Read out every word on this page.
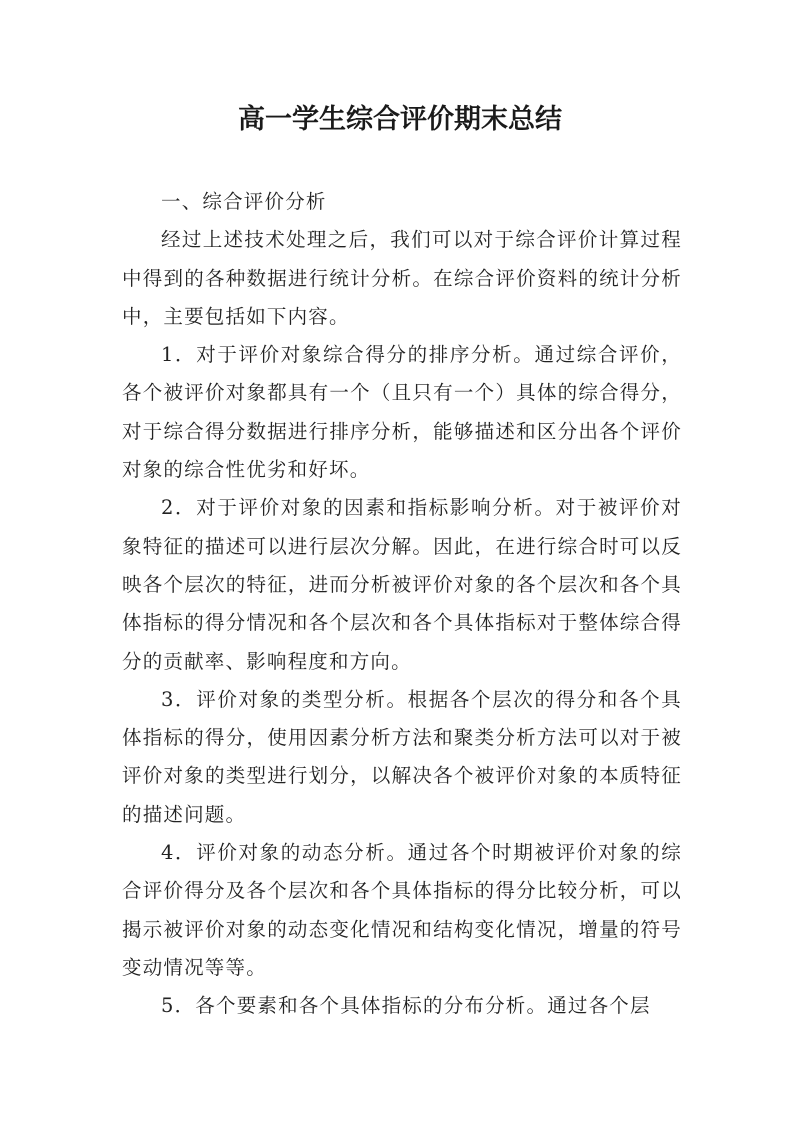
高一学生综合评价期末总结

一、综合评价分析

经过上述技术处理之后，我们可以对于综合评价计算过程中得到的各种数据进行统计分析。在综合评价资料的统计分析中，主要包括如下内容。

1．对于评价对象综合得分的排序分析。通过综合评价，各个被评价对象都具有一个（且只有一个）具体的综合得分，对于综合得分数据进行排序分析，能够描述和区分出各个评价对象的综合性优劣和好坏。

2．对于评价对象的因素和指标影响分析。对于被评价对象特征的描述可以进行层次分解。因此，在进行综合时可以反映各个层次的特征，进而分析被评价对象的各个层次和各个具体指标的得分情况和各个层次和各个具体指标对于整体综合得分的贡献率、影响程度和方向。

3．评价对象的类型分析。根据各个层次的得分和各个具体指标的得分，使用因素分析方法和聚类分析方法可以对于被评价对象的类型进行划分，以解决各个被评价对象的本质特征的描述问题。

4．评价对象的动态分析。通过各个时期被评价对象的综合评价得分及各个层次和各个具体指标的得分比较分析，可以揭示被评价对象的动态变化情况和结构变化情况，增量的符号变动情况等等。

5．各个要素和各个具体指标的分布分析。通过各个层
